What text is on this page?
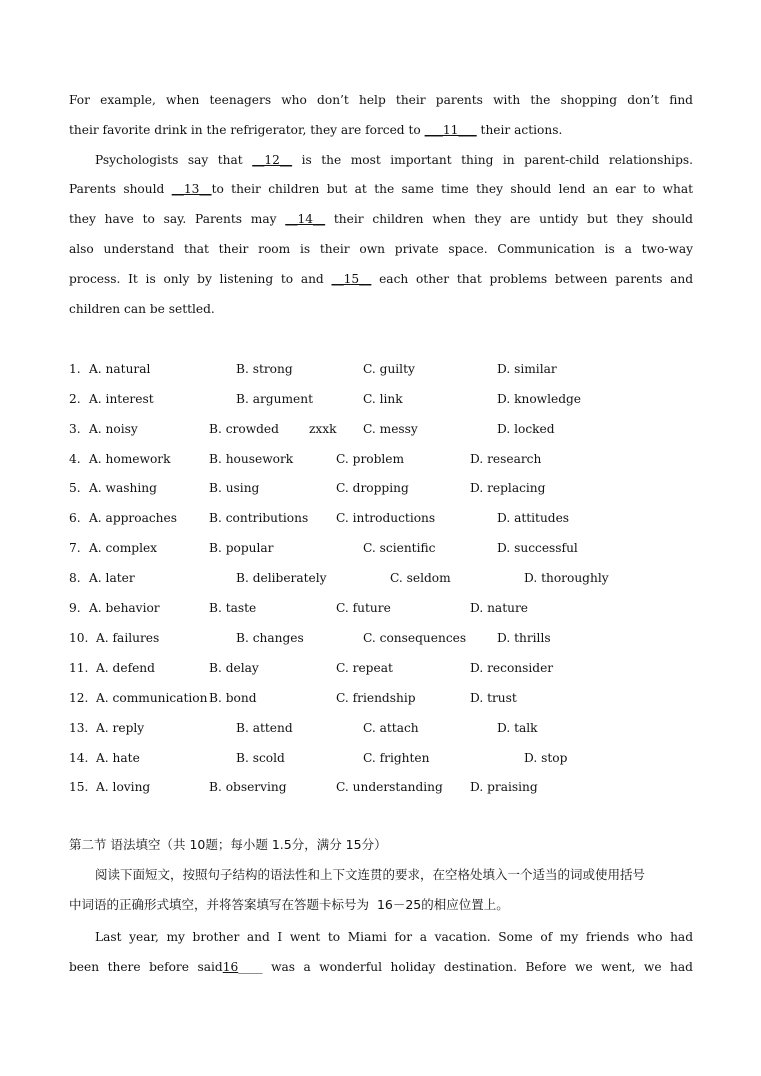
For example, when teenagers who don’t help their parents with the shopping don’t find
their favorite drink in the refrigerator, they are forced to ___11___ their actions.
Psychologists say that __12__ is the most important thing in parent-child relationships.
Parents should __13__to their children but at the same time they should lend an ear to what
they have to say. Parents may __14__ their children when they are untidy but they should
also understand that their room is their own private space. Communication is a two-way
process. It is only by listening to and __15__ each other that problems between parents and
children can be settled.
1. A. natural	B. strong	C. guilty	D. similar
2. A. interest	B. argument	C. link	D. knowledge
3. A. noisy	B. crowded zxxk C. messy	D. locked
4. A. homework	B. housework	C. problem	D. research
5. A. washing	B. using	C. dropping	D. replacing
6. A. approaches	B. contributions C. introductions	D. attitudes
7. A. complex	B. popular	C. scientific	D. successful
8. A. later	B. deliberately	C. seldom	D. thoroughly
9. A. behavior	B. taste	C. future	D. nature
10. A. failures	B. changes	C. consequences	D. thrills
11. A. defend	B. delay	C. repeat	D. reconsider
12. A. communication B. bond	C. friendship	D. trust
13. A. reply	B. attend	C. attach	D. talk
14. A. hate	B. scold	C. frighten	D. stop
15. A. loving	B. observing	C. understanding D. praising
第二节 语法填空（共 10题；每小题 1.5分，满分 15分）
阅读下面短文，按照句子结构的语法性和上下文连贯的要求，在空格处填入一个适当的词或使用括号
中词语的正确形式填空，并将答案填写在答题卡标号为  16－25的相应位置上。
Last year, my brother and I went to Miami for a vacation. Some of my friends who had
been there before said16____ was a wonderful holiday destination. Before we went, we had
